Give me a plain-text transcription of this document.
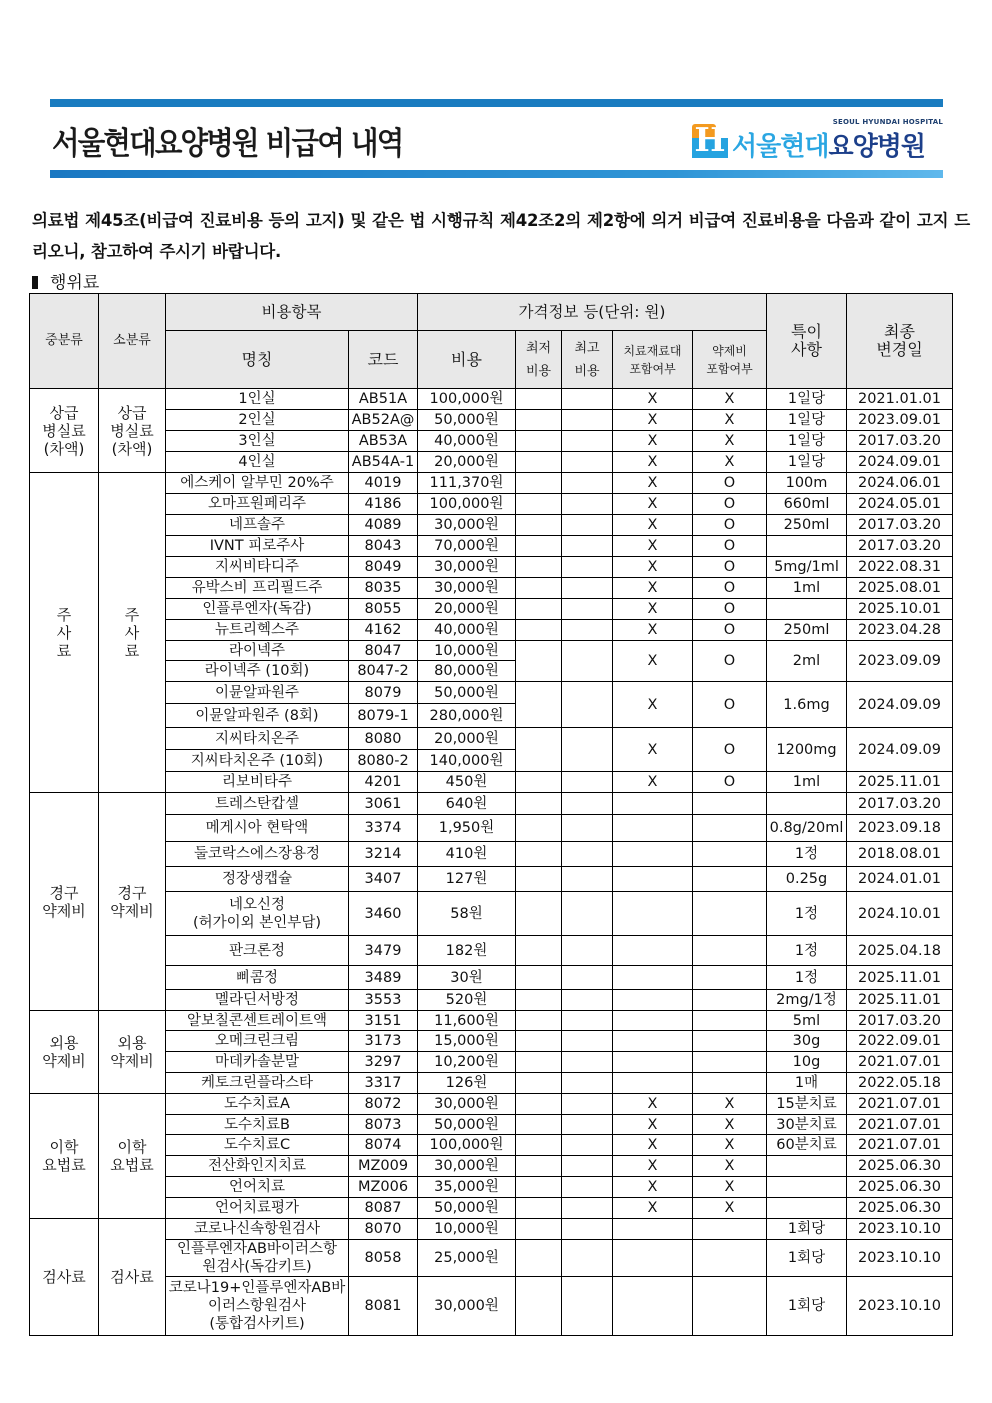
서울현대요양병원 비급여 내역
SEOUL HYUNDAI HOSPITAL
H 서울현대요양병원
의료법 제45조(비급여 진료비용 등의 고지) 및 같은 법 시행규칙 제42조2의 제2항에 의거 비급여 진료비용을 다음과 같이 고지 드리오니, 참고하여 주시기 바랍니다.
행위료
중분류	소분류	비용항목		가격정보 등(단위: 원)					특이
사항	최종
변경일
		명칭	코드	비용	최저
비용	최고
비용	치료재료대
포함여부	약제비
포함여부		
상급
병실료
(차액)	상급
병실료
(차액)	1인실	AB51A	100,000원			X	X	1일당	2021.01.01
		2인실	AB52A@	50,000원			X	X	1일당	2023.09.01
		3인실	AB53A	40,000원			X	X	1일당	2017.03.20
		4인실	AB54A-1	20,000원			X	X	1일당	2024.09.01
주
사
료	주
사
료	에스케이 알부민 20%주	4019	111,370원			X	O	100m	2024.06.01
		오마프원페리주	4186	100,000원			X	O	660ml	2024.05.01
		네프솔주	4089	30,000원			X	O	250ml	2017.03.20
		IVNT 피로주사	8043	70,000원			X	O		2017.03.20
		지씨비타디주	8049	30,000원			X	O	5mg/1ml	2022.08.31
		유박스비 프리필드주	8035	30,000원			X	O	1ml	2025.08.01
		인플루엔자(독감)	8055	20,000원			X	O		2025.10.01
		뉴트리헥스주	4162	40,000원			X	O	250ml	2023.04.28
		라이넥주	8047	10,000원			X	O	2ml	2023.09.09
		라이넥주 (10회)	8047-2	80,000원						
		이뮨알파원주	8079	50,000원			X	O	1.6mg	2024.09.09
		이뮨알파원주 (8회)	8079-1	280,000원						
		지씨타치온주	8080	20,000원			X	O	1200mg	2024.09.09
		지씨타치온주 (10회)	8080-2	140,000원						
		리보비타주	4201	450원			X	O	1ml	2025.11.01
경구
약제비	경구
약제비	트레스탄캅셀	3061	640원						2017.03.20
		메게시아 현탁액	3374	1,950원					0.8g/20ml	2023.09.18
		둘코락스에스장용정	3214	410원					1정	2018.08.01
		정장생캡슐	3407	127원					0.25g	2024.01.01
		네오신정
(허가이외 본인부담)	3460	58원					1정	2024.10.01
		판크론정	3479	182원					1정	2025.04.18
		삐콤정	3489	30원					1정	2025.11.01
		멜라딘서방정	3553	520원					2mg/1정	2025.11.01
외용
약제비	외용
약제비	알보칠콘센트레이트액	3151	11,600원					5ml	2017.03.20
		오메크린크림	3173	15,000원					30g	2022.09.01
		마데카솔분말	3297	10,200원					10g	2021.07.01
		케토크린플라스타	3317	126원					1매	2022.05.18
이학
요법료	이학
요법료	도수치료A	8072	30,000원			X	X	15분치료	2021.07.01
		도수치료B	8073	50,000원			X	X	30분치료	2021.07.01
		도수치료C	8074	100,000원			X	X	60분치료	2021.07.01
		전산화인지치료	MZ009	30,000원			X	X		2025.06.30
		언어치료	MZ006	35,000원			X	X		2025.06.30
		언어치료평가	8087	50,000원			X	X		2025.06.30
검사료	검사료	코로나신속항원검사	8070	10,000원					1회당	2023.10.10
		인플루엔자AB바이러스항
원검사(독감키트)	8058	25,000원					1회당	2023.10.10
		코로나19+인플루엔자AB바
이러스항원검사
(통합검사키트)	8081	30,000원					1회당	2023.10.10
